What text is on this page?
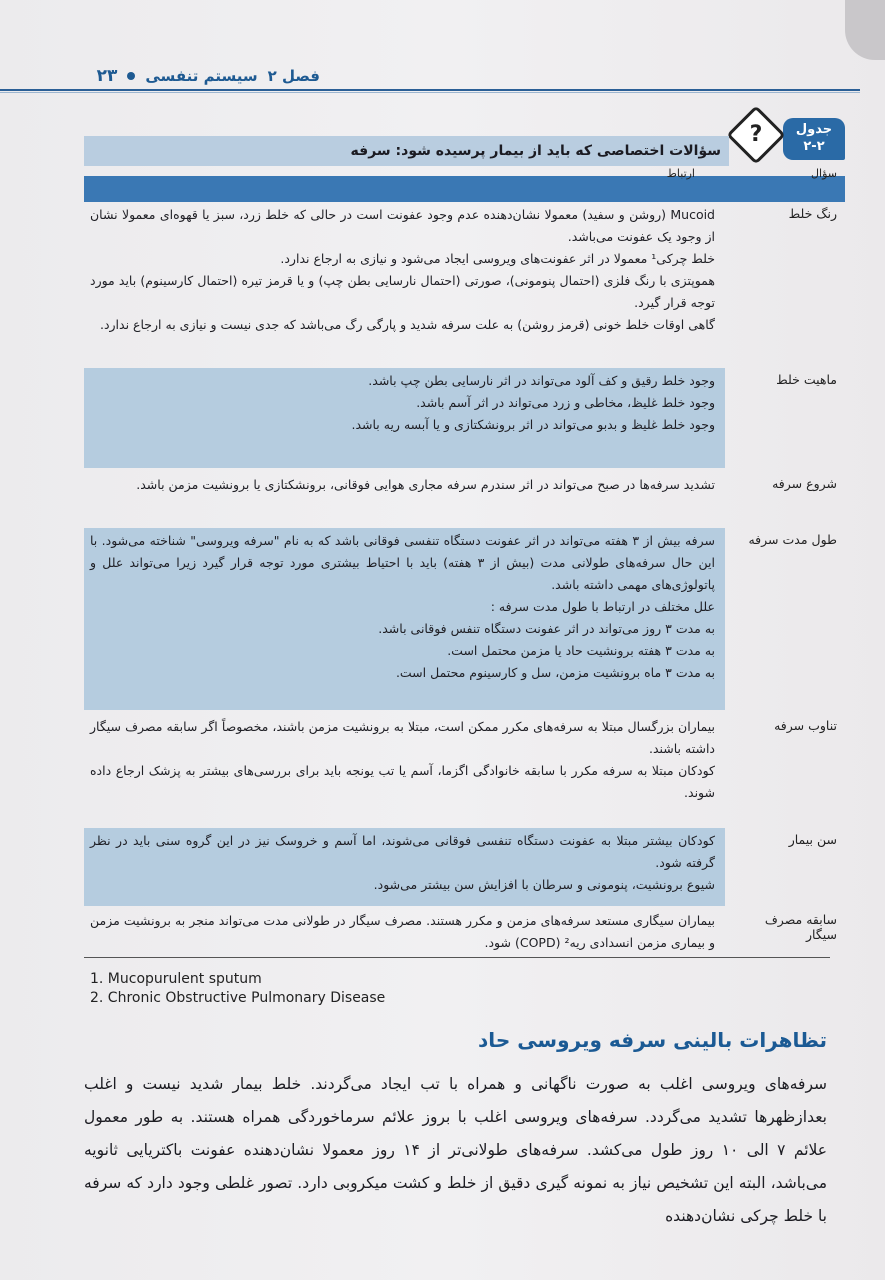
فصل ۲
سیستم تنفسی
۲۳
جدول ۲-۲
?
سؤالات اختصاصی که باید از بیمار پرسیده شود: سرفه
سؤال
ارتباط
رنگ خلط

Mucoid (روشن و سفید) معمولا نشان‌دهنده عدم وجود عفونت است در حالی که خلط زرد، سبز یا قهوه‌ای معمولا نشان از وجود یک عفونت می‌باشد.

خلط چرکی¹ معمولا در اثر عفونت‌های ویروسی ایجاد می‌شود و نیازی به ارجاع ندارد.

هموپتزی با رنگ فلزی (احتمال پنومونی)، صورتی (احتمال نارسایی بطن چپ) و یا قرمز تیره (احتمال کارسینوم) باید مورد توجه قرار گیرد.

گاهی اوقات خلط خونی (قرمز روشن) به علت سرفه شدید و پارگی رگ می‌باشد که جدی نیست و نیازی به ارجاع ندارد.

ماهیت خلط

وجود خلط رقیق و کف آلود می‌تواند در اثر نارسایی بطن چپ باشد.

وجود خلط غلیظ، مخاطی و زرد می‌تواند در اثر آسم باشد.

وجود خلط غلیظ و بدبو می‌تواند در اثر برونشکتازی و یا آبسه ریه باشد.

شروع سرفه

تشدید سرفه‌ها در صبح می‌تواند در اثر سندرم سرفه مجاری هوایی فوقانی، برونشکتازی یا برونشیت مزمن باشد.

طول مدت سرفه

سرفه بیش از ۳ هفته می‌تواند در اثر عفونت دستگاه تنفسی فوقانی باشد که به نام "سرفه ویروسی" شناخته می‌شود. با این حال سرفه‌های طولانی مدت (بیش از ۳ هفته) باید با احتیاط بیشتری مورد توجه قرار گیرد زیرا می‌تواند علل و پاتولوژی‌های مهمی داشته باشد.

علل مختلف در ارتباط با طول مدت سرفه :

به مدت ۳ روز می‌تواند در اثر عفونت دستگاه تنفس فوقانی باشد.

به مدت ۳ هفته برونشیت حاد یا مزمن محتمل است.

به مدت ۳ ماه برونشیت مزمن، سل و کارسینوم محتمل است.

تناوب سرفه

بیماران بزرگسال مبتلا به سرفه‌های مکرر ممکن است، مبتلا به برونشیت مزمن باشند، مخصوصاً اگر سابقه مصرف سیگار داشته باشند.

کودکان مبتلا به سرفه مکرر با سابقه خانوادگی اگزما، آسم یا تب یونجه باید برای بررسی‌های بیشتر به پزشک ارجاع داده شوند.

سن بیمار

کودکان بیشتر مبتلا به عفونت دستگاه تنفسی فوقانی می‌شوند، اما آسم و خروسک نیز در این گروه سنی باید در نظر گرفته شود.

شیوع برونشیت، پنومونی و سرطان با افزایش سن بیشتر می‌شود.

سابقه مصرف سیگار

بیماران سیگاری مستعد سرفه‌های مزمن و مکرر هستند. مصرف سیگار در طولانی مدت می‌تواند منجر به برونشیت مزمن و بیماری مزمن انسدادی ریه² (COPD) شود.

1. Mucopurulent sputum
2. Chronic Obstructive Pulmonary Disease
تظاهرات بالینی سرفه ویروسی حاد
سرفه‌های ویروسی اغلب به صورت ناگهانی و همراه با تب ایجاد می‌گردند. خلط بیمار شدید نیست و اغلب بعدازظهرها تشدید می‌گردد. سرفه‌های ویروسی اغلب با بروز علائم سرماخوردگی همراه هستند. به طور معمول علائم ۷ الی ۱۰ روز طول می‌کشد. سرفه‌های طولانی‌تر از ۱۴ روز معمولا نشان‌دهنده عفونت باکتریایی ثانویه می‌باشد، البته این تشخیص نیاز به نمونه گیری دقیق از خلط و کشت میکروبی دارد. تصور غلطی وجود دارد که سرفه با خلط چرکی نشان‌دهنده
